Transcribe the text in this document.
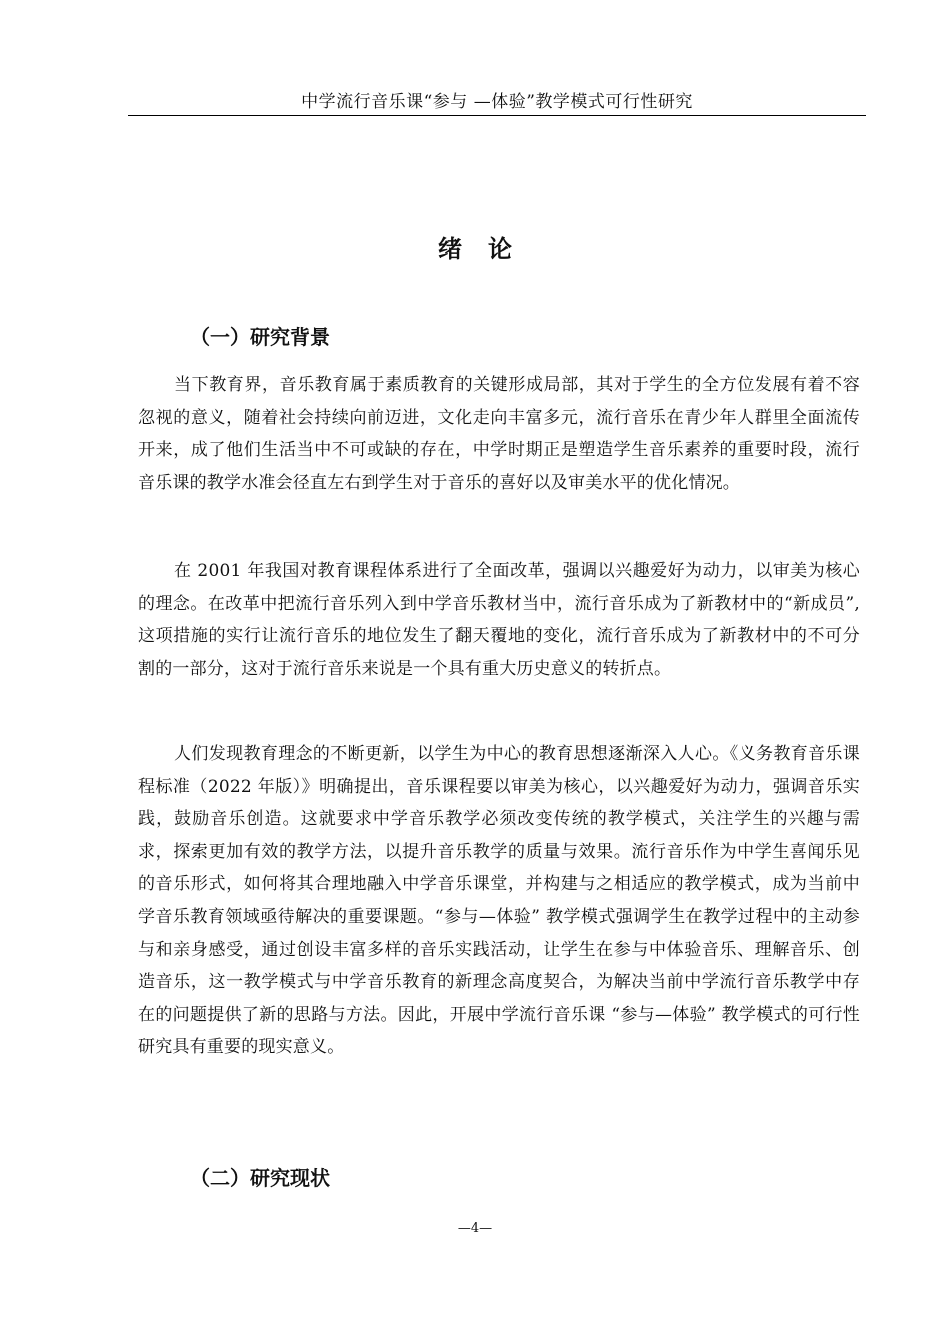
中学流行音乐课“参与 —体验”教学模式可行性研究
绪论
（一）研究背景

当下教育界，音乐教育属于素质教育的关键形成局部，其对于学生的全方位发展有着不容忽视的意义，随着社会持续向前迈进，文化走向丰富多元，流行音乐在青少年人群里全面流传开来，成了他们生活当中不可或缺的存在，中学时期正是塑造学生音乐素养的重要时段，流行音乐课的教学水准会径直左右到学生对于音乐的喜好以及审美水平的优化情况。

在 2001 年我国对教育课程体系进行了全面改革，强调以兴趣爱好为动力，以审美为核心的理念。在改革中把流行音乐列入到中学音乐教材当中，流行音乐成为了新教材中的“新成员”,这项措施的实行让流行音乐的地位发生了翻天覆地的变化，流行音乐成为了新教材中的不可分割的一部分，这对于流行音乐来说是一个具有重大历史意义的转折点。

人们发现教育理念的不断更新，以学生为中心的教育思想逐渐深入人心。《义务教育音乐课程标准（2022 年版）》明确提出，音乐课程要以审美为核心，以兴趣爱好为动力，强调音乐实践，鼓励音乐创造。这就要求中学音乐教学必须改变传统的教学模式，关注学生的兴趣与需求，探索更加有效的教学方法，以提升音乐教学的质量与效果。流行音乐作为中学生喜闻乐见的音乐形式，如何将其合理地融入中学音乐课堂，并构建与之相适应的教学模式，成为当前中学音乐教育领域亟待解决的重要课题。“参与—体验” 教学模式强调学生在教学过程中的主动参与和亲身感受，通过创设丰富多样的音乐实践活动，让学生在参与中体验音乐、理解音乐、创造音乐，这一教学模式与中学音乐教育的新理念高度契合，为解决当前中学流行音乐教学中存在的问题提供了新的思路与方法。因此，开展中学流行音乐课 “参与—体验” 教学模式的可行性研究具有重要的现实意义。

（二）研究现状
—4—
